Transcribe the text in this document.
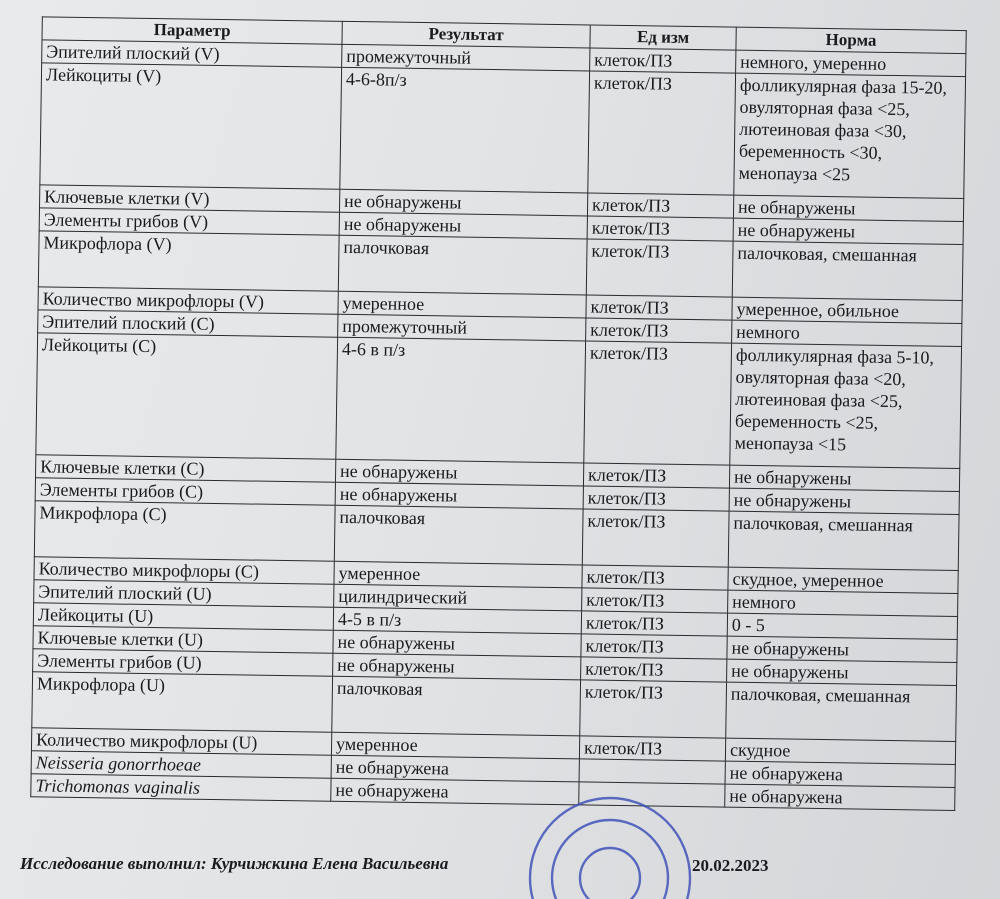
Параметр	Результат	Ед изм	Норма
Эпителий плоский (V)	промежуточный	клеток/ПЗ	немного, умеренно
Лейкоциты (V)	4-6-8п/з	клеток/ПЗ	фолликулярная фаза 15-20, овуляторная фаза <25, лютеиновая фаза <30, беременность <30, менопауза <25
Ключевые клетки (V)	не обнаружены	клеток/ПЗ	не обнаружены
Элементы грибов (V)	не обнаружены	клеток/ПЗ	не обнаружены
Микрофлора (V)	палочковая	клеток/ПЗ	палочковая, смешанная
Количество микрофлоры (V)	умеренное	клеток/ПЗ	умеренное, обильное
Эпителий плоский (С)	промежуточный	клеток/ПЗ	немного
Лейкоциты (С)	4-6 в п/з	клеток/ПЗ	фолликулярная фаза 5-10, овуляторная фаза <20, лютеиновая фаза <25, беременность <25, менопауза <15
Ключевые клетки (С)	не обнаружены	клеток/ПЗ	не обнаружены
Элементы грибов (С)	не обнаружены	клеток/ПЗ	не обнаружены
Микрофлора (С)	палочковая	клеток/ПЗ	палочковая, смешанная
Количество микрофлоры (С)	умеренное	клеток/ПЗ	скудное, умеренное
Эпителий плоский (U)	цилиндрический	клеток/ПЗ	немного
Лейкоциты (U)	4-5 в п/з	клеток/ПЗ	0 - 5
Ключевые клетки (U)	не обнаружены	клеток/ПЗ	не обнаружены
Элементы грибов (U)	не обнаружены	клеток/ПЗ	не обнаружены
Микрофлора (U)	палочковая	клеток/ПЗ	палочковая, смешанная
Количество микрофлоры (U)	умеренное	клеток/ПЗ	скудное
Neisseria gonorrhoeae	не обнаружена		не обнаружена
Trichomonas vaginalis	не обнаружена		не обнаружена
Исследование выполнил: Курчижкина Елена Васильевна	20.02.2023
